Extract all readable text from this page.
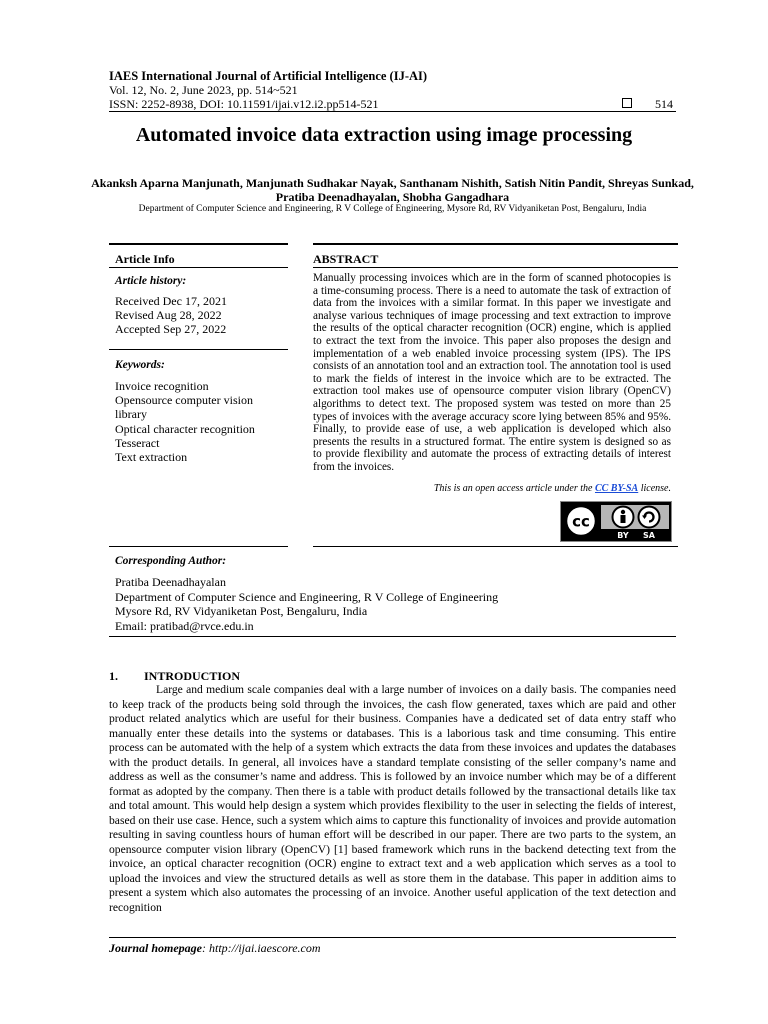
IAES International Journal of Artificial Intelligence (IJ-AI)
Vol. 12, No. 2, June 2023, pp. 514~521
ISSN: 2252-8938, DOI: 10.11591/ijai.v12.i2.pp514-521	514
Automated invoice data extraction using image processing
Akanksh Aparna Manjunath, Manjunath Sudhakar Nayak, Santhanam Nishith, Satish Nitin Pandit, Shreyas Sunkad, Pratiba Deenadhayalan, Shobha Gangadhara
Department of Computer Science and Engineering, R V College of Engineering, Mysore Rd, RV Vidyaniketan Post, Bengaluru, India
Article Info
Article history:
Received Dec 17, 2021
Revised Aug 28, 2022
Accepted Sep 27, 2022
Keywords:
Invoice recognition
Opensource computer vision
library
Optical character recognition
Tesseract
Text extraction
ABSTRACT
Manually processing invoices which are in the form of scanned photocopies is a time-consuming process. There is a need to automate the task of extraction of data from the invoices with a similar format. In this paper we investigate and analyse various techniques of image processing and text extraction to improve the results of the optical character recognition (OCR) engine, which is applied to extract the text from the invoice. This paper also proposes the design and implementation of a web enabled invoice processing system (IPS). The IPS consists of an annotation tool and an extraction tool. The annotation tool is used to mark the fields of interest in the invoice which are to be extracted. The extraction tool makes use of opensource computer vision library (OpenCV) algorithms to detect text. The proposed system was tested on more than 25 types of invoices with the average accuracy score lying between 85% and 95%. Finally, to provide ease of use, a web application is developed which also presents the results in a structured format. The entire system is designed so as to provide flexibility and automate the process of extracting details of interest from the invoices.
This is an open access article under the CC BY-SA license.
cc
BY SA
Corresponding Author:
Pratiba Deenadhayalan
Department of Computer Science and Engineering, R V College of Engineering
Mysore Rd, RV Vidyaniketan Post, Bengaluru, India
Email: pratibad@rvce.edu.in
1. INTRODUCTION
Large and medium scale companies deal with a large number of invoices on a daily basis. The companies need to keep track of the products being sold through the invoices, the cash flow generated, taxes which are paid and other product related analytics which are useful for their business. Companies have a dedicated set of data entry staff who manually enter these details into the systems or databases. This is a laborious task and time consuming. This entire process can be automated with the help of a system which extracts the data from these invoices and updates the databases with the product details. In general, all invoices have a standard template consisting of the seller company’s name and address as well as the consumer’s name and address. This is followed by an invoice number which may be of a different format as adopted by the company. Then there is a table with product details followed by the transactional details like tax and total amount. This would help design a system which provides flexibility to the user in selecting the fields of interest, based on their use case. Hence, such a system which aims to capture this functionality of invoices and provide automation resulting in saving countless hours of human effort will be described in our paper. There are two parts to the system, an opensource computer vision library (OpenCV) [1] based framework which runs in the backend detecting text from the invoice, an optical character recognition (OCR) engine to extract text and a web application which serves as a tool to upload the invoices and view the structured details as well as store them in the database. This paper in addition aims to present a system which also automates the processing of an invoice. Another useful application of the text detection and recognition
Journal homepage: http://ijai.iaescore.com
